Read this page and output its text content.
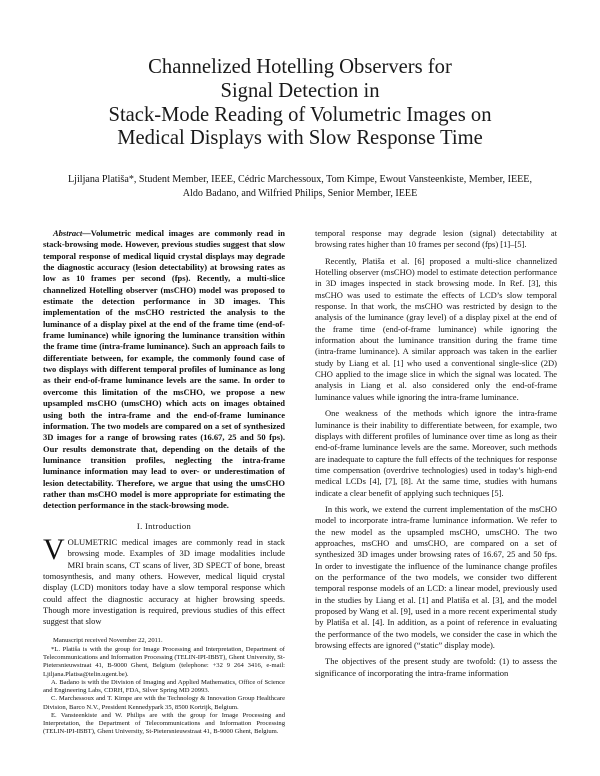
Channelized Hotelling Observers for
Signal Detection in
Stack-Mode Reading of Volumetric Images on
Medical Displays with Slow Response Time
Ljiljana Platiša*, Student Member, IEEE, Cédric Marchessoux, Tom Kimpe, Ewout Vansteenkiste, Member, IEEE,
Aldo Badano, and Wilfried Philips, Senior Member, IEEE

Abstract—Volumetric medical images are commonly read in stack-browsing mode. However, previous studies suggest that slow temporal response of medical liquid crystal displays may degrade the diagnostic accuracy (lesion detectability) at browsing rates as low as 10 frames per second (fps). Recently, a multi-slice channelized Hotelling observer (msCHO) model was proposed to estimate the detection performance in 3D images. This implementation of the msCHO restricted the analysis to the luminance of a display pixel at the end of the frame time (end-of-frame luminance) while ignoring the luminance transition within the frame time (intra-frame luminance). Such an approach fails to differentiate between, for example, the commonly found case of two displays with different temporal profiles of luminance as long as their end-of-frame luminance levels are the same. In order to overcome this limitation of the msCHO, we propose a new upsampled msCHO (umsCHO) which acts on images obtained using both the intra-frame and the end-of-frame luminance information. The two models are compared on a set of synthesized 3D images for a range of browsing rates (16.67, 25 and 50 fps). Our results demonstrate that, depending on the details of the luminance transition profiles, neglecting the intra-frame luminance information may lead to over- or underestimation of lesion detectability. Therefore, we argue that using the umsCHO rather than msCHO model is more appropriate for estimating the detection performance in the stack-browsing mode.

I. Introduction

VOLUMETRIC medical images are commonly read in stack browsing mode. Examples of 3D image modalities include MRI brain scans, CT scans of liver, 3D SPECT of bone, breast tomosynthesis, and many others. However, medical liquid crystal display (LCD) monitors today have a slow temporal response which could affect the diagnostic accuracy at higher browsing speeds. Though more investigation is required, previous studies of this effect suggest that slow

Manuscript received November 22, 2011.

*L. Platiša is with the group for Image Processing and Interpretation, Department of Telecommunications and Information Processing (TELIN-IPI-IBBT), Ghent University, St-Pietersnieuwstraat 41, B-9000 Ghent, Belgium (telephone: +32 9 264 3416, e-mail: Ljiljana.Platisa@telin.ugent.be).

A. Badano is with the Division of Imaging and Applied Mathematics, Office of Science and Engineering Labs, CDRH, FDA, Silver Spring MD 20993.

C. Marchessoux and T. Kimpe are with the Technology & Innovation Group Healthcare Division, Barco N.V., President Kennedypark 35, 8500 Kortrijk, Belgium.

E. Vansteenkiste and W. Philips are with the group for Image Processing and Interpretation, the Department of Telecommunications and Information Processing (TELIN-IPI-IBBT), Ghent University, St-Pietersnieuwstraat 41, B-9000 Ghent, Belgium.

temporal response may degrade lesion (signal) detectability at browsing rates higher than 10 frames per second (fps) [1]–[5].

Recently, Platiša et al. [6] proposed a multi-slice channelized Hotelling observer (msCHO) model to estimate detection performance in 3D images inspected in stack browsing mode. In Ref. [3], this msCHO was used to estimate the effects of LCD’s slow temporal response. In that work, the msCHO was restricted by design to the analysis of the luminance (gray level) of a display pixel at the end of the frame time (end-of-frame luminance) while ignoring the information about the luminance transition during the frame time (intra-frame luminance). A similar approach was taken in the earlier study by Liang et al. [1] who used a conventional single-slice (2D) CHO applied to the image slice in which the signal was located. The analysis in Liang et al. also considered only the end-of-frame luminance values while ignoring the intra-frame luminance.

One weakness of the methods which ignore the intra-frame luminance is their inability to differentiate between, for example, two displays with different profiles of luminance over time as long as their end-of-frame luminance levels are the same. Moreover, such methods are inadequate to capture the full effects of the techniques for response time compensation (overdrive technologies) used in today’s high-end medical LCDs [4], [7], [8]. At the same time, studies with humans indicate a clear benefit of applying such techniques [5].

In this work, we extend the current implementation of the msCHO model to incorporate intra-frame luminance information. We refer to the new model as the upsampled msCHO, umsCHO. The two approaches, msCHO and umsCHO, are compared on a set of synthesized 3D images under browsing rates of 16.67, 25 and 50 fps. In order to investigate the influence of the luminance change profiles on the performance of the two models, we consider two different temporal response models of an LCD: a linear model, previously used in the studies by Liang et al. [1] and Platiša et al. [3], and the model proposed by Wang et al. [9], used in a more recent experimental study by Platiša et al. [4]. In addition, as a point of reference in evaluating the performance of the two models, we consider the case in which the browsing effects are ignored (“static” display mode).

The objectives of the present study are twofold: (1) to assess the significance of incorporating the intra-frame information
